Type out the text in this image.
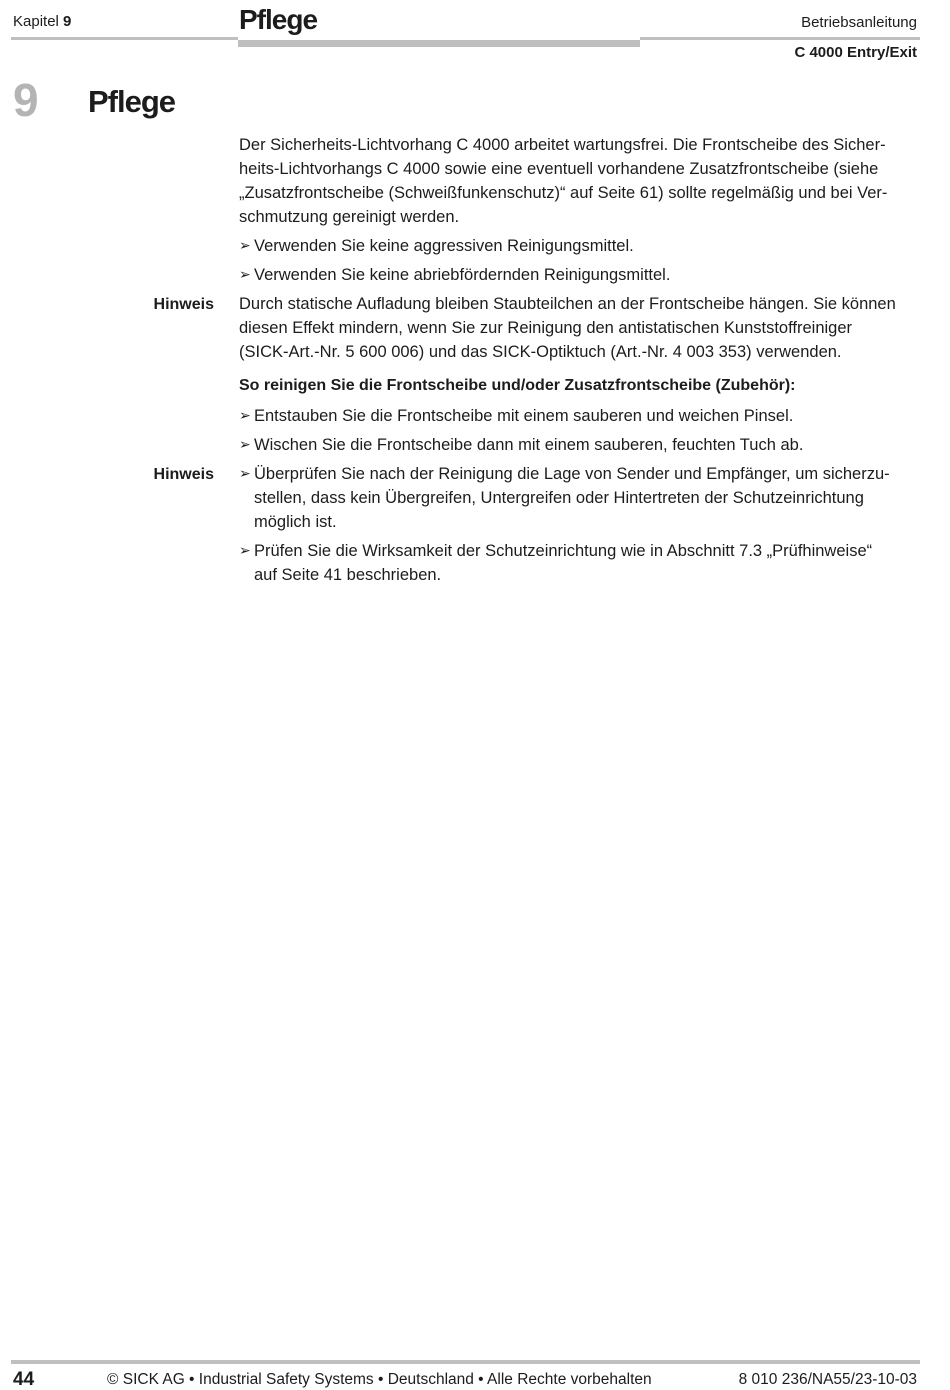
Kapitel 9	Pflege	Betriebsanleitung
C 4000 Entry/Exit
9 Pflege
Der Sicherheits-Lichtvorhang C 4000 arbeitet wartungsfrei. Die Frontscheibe des Sicher-
heits-Lichtvorhangs C 4000 sowie eine eventuell vorhandene Zusatzfrontscheibe (siehe
„Zusatzfrontscheibe (Schweißfunkenschutz)“ auf Seite 61) sollte regelmäßig und bei Ver-
schmutzung gereinigt werden.
➢
Verwenden Sie keine aggressiven Reinigungsmittel.
➢
Verwenden Sie keine abriebfördernden Reinigungsmittel.
Hinweis Durch statische Aufladung bleiben Staubteilchen an der Frontscheibe hängen. Sie können
diesen Effekt mindern, wenn Sie zur Reinigung den antistatischen Kunststoffreiniger
(SICK-Art.-Nr. 5 600 006) und das SICK-Optiktuch (Art.-Nr. 4 003 353) verwenden.
So reinigen Sie die Frontscheibe und/oder Zusatzfrontscheibe (Zubehör):
➢
Entstauben Sie die Frontscheibe mit einem sauberen und weichen Pinsel.
➢
Wischen Sie die Frontscheibe dann mit einem sauberen, feuchten Tuch ab.
Hinweis
➢ Überprüfen Sie nach der Reinigung die Lage von Sender und Empfänger, um sicherzu-
stellen, dass kein Übergreifen, Untergreifen oder Hintertreten der Schutzeinrichtung
möglich ist.
➢
Prüfen Sie die Wirksamkeit der Schutzeinrichtung wie in Abschnitt 7.3 „Prüfhinweise“
auf Seite 41 beschrieben.
44	© SICK AG • Industrial Safety Systems • Deutschland • Alle Rechte vorbehalten	8 010 236/NA55/23-10-03
